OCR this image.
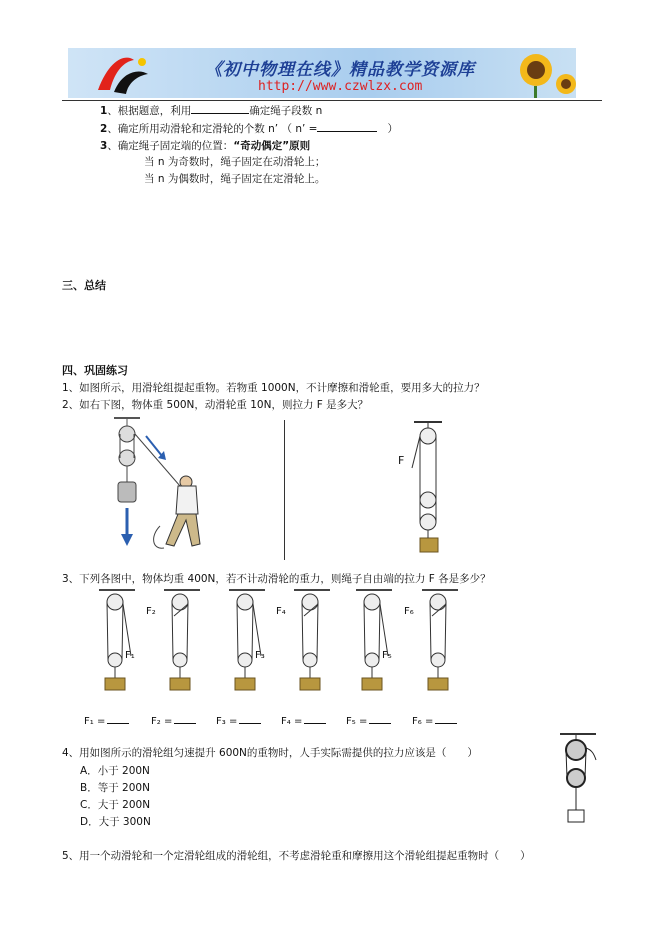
《初中物理在线》精品教学资源库
http://www.czwlzx.com
1、根据题意，利用	确定绳子段数 n
2、确定所用动滑轮和定滑轮的个数 n’ （ n’ =	）
3、确定绳子固定端的位置：“奇动偶定”原则
当 n 为奇数时，绳子固定在动滑轮上；
当 n 为偶数时，绳子固定在定滑轮上。
三、总结
四、巩固练习
1、如图所示，用滑轮组提起重物。若物重 1000N，不计摩擦和滑轮重，要用多大的拉力？
2、如右下图，物体重 500N，动滑轮重 10N，则拉力 F 是多大？
F
3、下列各图中，物体均重 400N，若不计动滑轮的重力，则绳子自由端的拉力 F 各是多少？
F₁
F₂
F₃
F₄
F₅
F₆
F₁ =	F₂ =	F₃ =	F₄ =	F₅ =	F₆ =
4、用如图所示的滑轮组匀速提升 600N的重物时，人手实际需提供的拉力应该是（　　）
A．小于 200N
B．等于 200N
C．大于 200N
D．大于 300N
5、用一个动滑轮和一个定滑轮组成的滑轮组，不考虑滑轮重和摩擦用这个滑轮组提起重物时（　　）
